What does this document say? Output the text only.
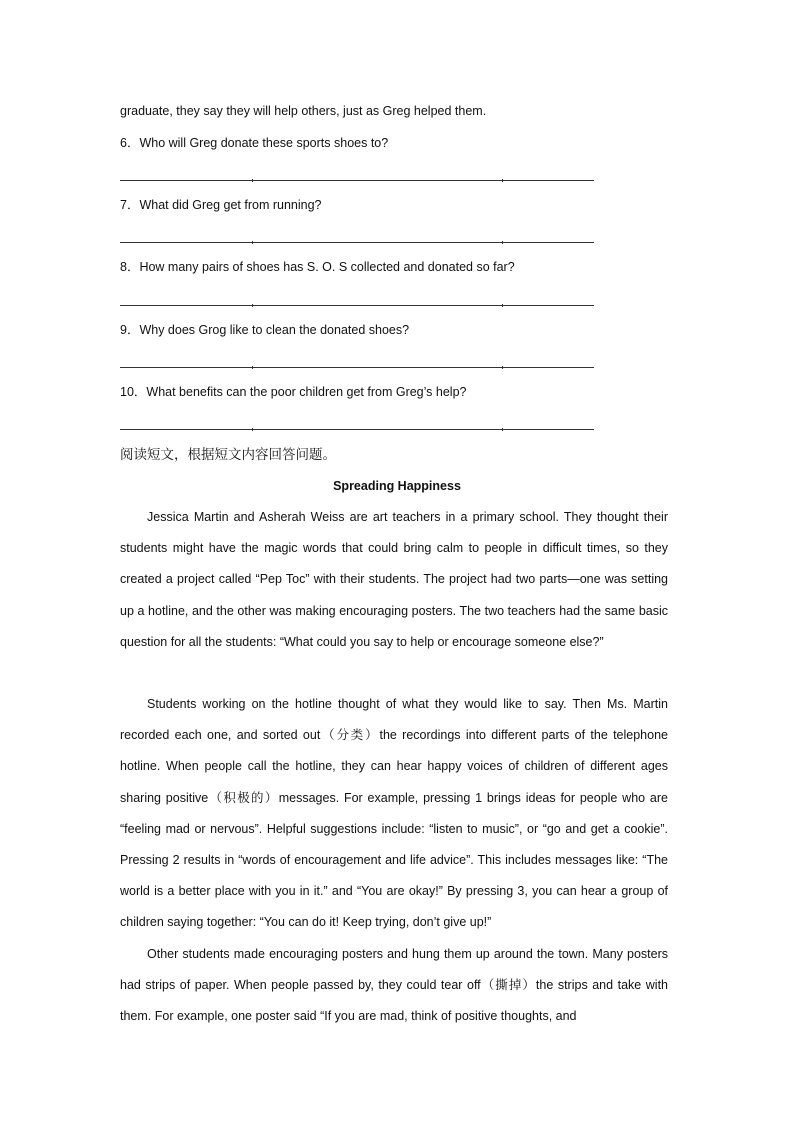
graduate, they say they will help others, just as Greg helped them.
6．Who will Greg donate these sports shoes to?
7．What did Greg get from running?
8．How many pairs of shoes has S. O. S collected and donated so far?
9．Why does Grog like to clean the donated shoes?
10．What benefits can the poor children get from Greg’s help?
阅读短文，根据短文内容回答问题。
Spreading Happiness
Jessica Martin and Asherah Weiss are art teachers in a primary school. They thought their students might have the magic words that could bring calm to people in difficult times, so they created a project called “Pep Toc” with their students. The project had two parts—one was setting up a hotline, and the other was making encouraging posters. The two teachers had the same basic question for all the students: “What could you say to help or encourage someone else?”
Students working on the hotline thought of what they would like to say. Then Ms. Martin recorded each one, and sorted out（分类）the recordings into different parts of the telephone hotline. When people call the hotline, they can hear happy voices of children of different ages sharing positive（积极的）messages. For example, pressing 1 brings ideas for people who are “feeling mad or nervous”. Helpful suggestions include: “listen to music”, or “go and get a cookie”. Pressing 2 results in “words of encouragement and life advice”. This includes messages like: “The world is a better place with you in it.” and “You are okay!” By pressing 3, you can hear a group of children saying together: “You can do it! Keep trying, don’t give up!”
Other students made encouraging posters and hung them up around the town. Many posters had strips of paper. When people passed by, they could tear off（撕掉）the strips and take with them. For example, one poster said “If you are mad, think of positive thoughts, and
